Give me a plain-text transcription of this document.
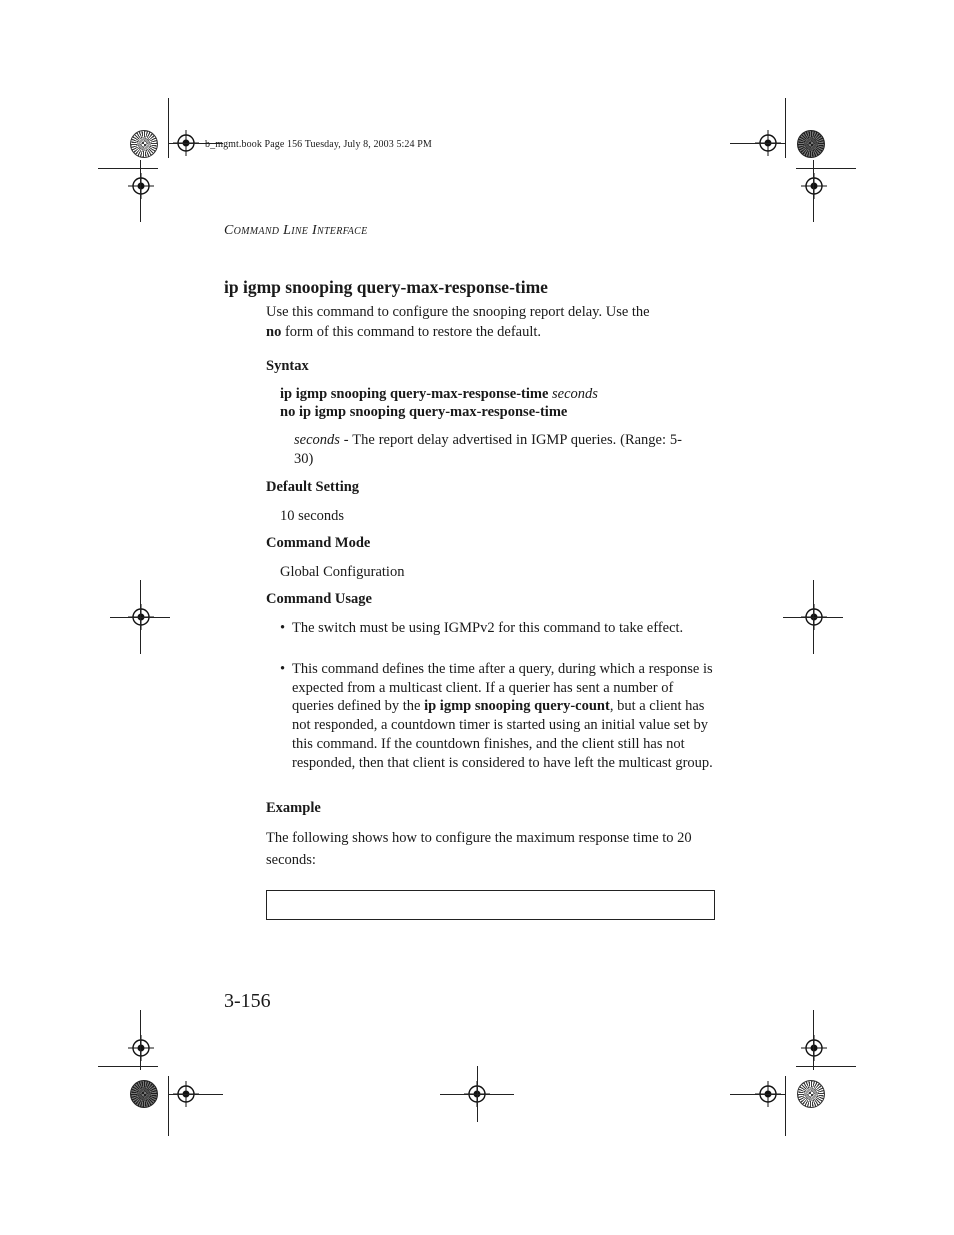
b_mgmt.book Page 156 Tuesday, July 8, 2003 5:24 PM
Command Line Interface
ip igmp snooping query-max-response-time
Use this command to configure the snooping report delay. Use the
no form of this command to restore the default.
Syntax
ip igmp snooping query-max-response-time seconds
no ip igmp snooping query-max-response-time
seconds - The report delay advertised in IGMP queries. (Range: 5-30)
Default Setting
10 seconds
Command Mode
Global Configuration
Command Usage
• The switch must be using IGMPv2 for this command to take effect.
• This command defines the time after a query, during which a response is expected from a multicast client. If a querier has sent a number of queries defined by the ip igmp snooping query-count, but a client has not responded, a countdown timer is started using an initial value set by this command. If the countdown finishes, and the client still has not responded, then that client is considered to have left the multicast group.
Example
The following shows how to configure the maximum response time to 20 seconds:
3-156
